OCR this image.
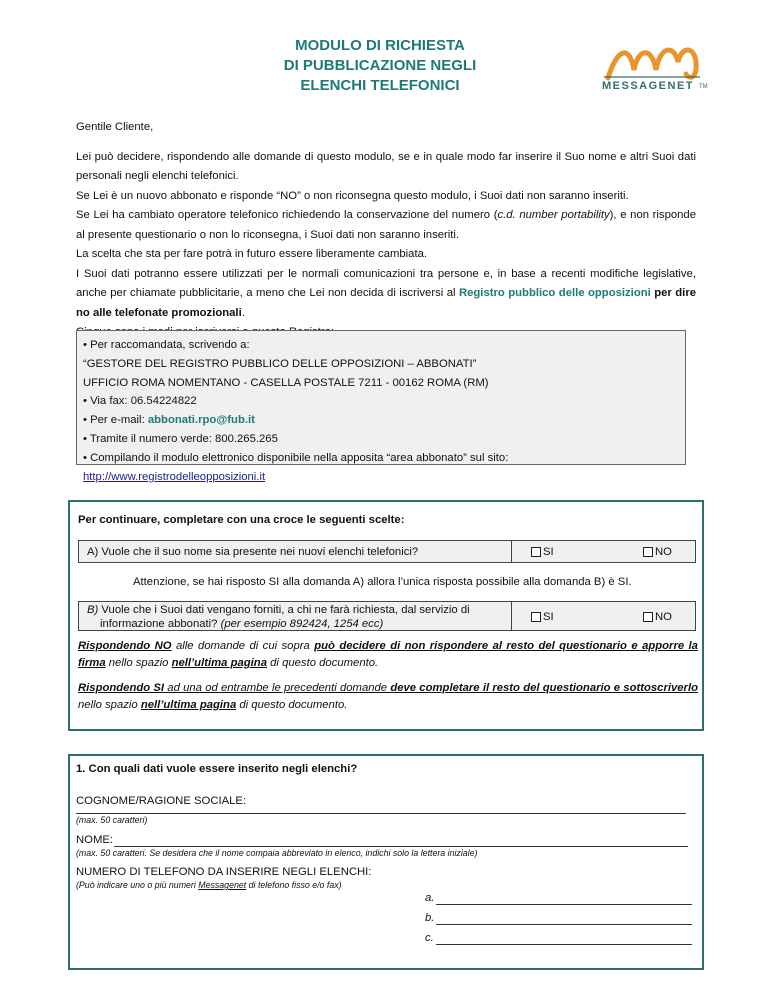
MODULO DI RICHIESTA
DI PUBBLICAZIONE NEGLI
ELENCHI TELEFONICI	MESSAGENET TM

Gentile Cliente,

Lei può decidere, rispondendo alle domande di questo modulo, se e in quale modo far inserire il Suo nome e altri Suoi dati personali negli elenchi telefonici.

Se Lei è un nuovo abbonato e risponde “NO” o non riconsegna questo modulo, i Suoi dati non saranno inseriti.

Se Lei ha cambiato operatore telefonico richiedendo la conservazione del numero (c.d. number portability), e non risponde al presente questionario o non lo riconsegna, i Suoi dati non saranno inseriti.

La scelta che sta per fare potrà in futuro essere liberamente cambiata.

I Suoi dati potranno essere utilizzati per le normali comunicazioni tra persone e, in base a recenti modifiche legislative, anche per chiamate pubblicitarie, a meno che Lei non decida di iscriversi al Registro pubblico delle opposizioni per dire no alle telefonate promozionali.

• Per raccomandata, scrivendo a:
“GESTORE DEL REGISTRO PUBBLICO DELLE OPPOSIZIONI – ABBONATI”
UFFICIO ROMA NOMENTANO - CASELLA POSTALE 7211 - 00162 ROMA (RM)
• Via fax: 06.54224822
• Per e-mail: abbonati.rpo@fub.it
• Tramite il numero verde: 800.265.265
• Compilando il modulo elettronico disponibile nella apposita “area abbonato” sul sito:
http://www.registrodelleopposizioni.it
Per continuare, completare con una croce le seguenti scelte:
A) Vuole che il suo nome sia presente nei nuovi elenchi telefonici?	SI	NO
Attenzione, se hai risposto SI alla domanda A) allora l’unica risposta possibile alla domanda B) è SI.
B) Vuole che i Suoi dati vengano forniti, a chi ne farà richiesta, dal servizio di
informazione abbonati? (per esempio 892424, 1254 ecc)
SI	NO
Rispondendo NO alle domande di cui sopra può decidere di non rispondere al resto del questionario e apporre la firma nello spazio nell’ultima pagina di questo documento.
Rispondendo SI ad una od entrambe le precedenti domande deve completare il resto del questionario e sottoscriverlo nello spazio nell’ultima pagina di questo documento.
1. Con quali dati vuole essere inserito negli elenchi?
COGNOME/RAGIONE SOCIALE:
(max. 50 caratteri)
NOME:
(max. 50 caratteri. Se desidera che il nome compaia abbreviato in elenco, indichi solo la lettera iniziale)
NUMERO DI TELEFONO DA INSERIRE NEGLI ELENCHI:
(Può indicare uno o più numeri Messagenet di telefono fisso e/o fax)
a.
b.
c.
